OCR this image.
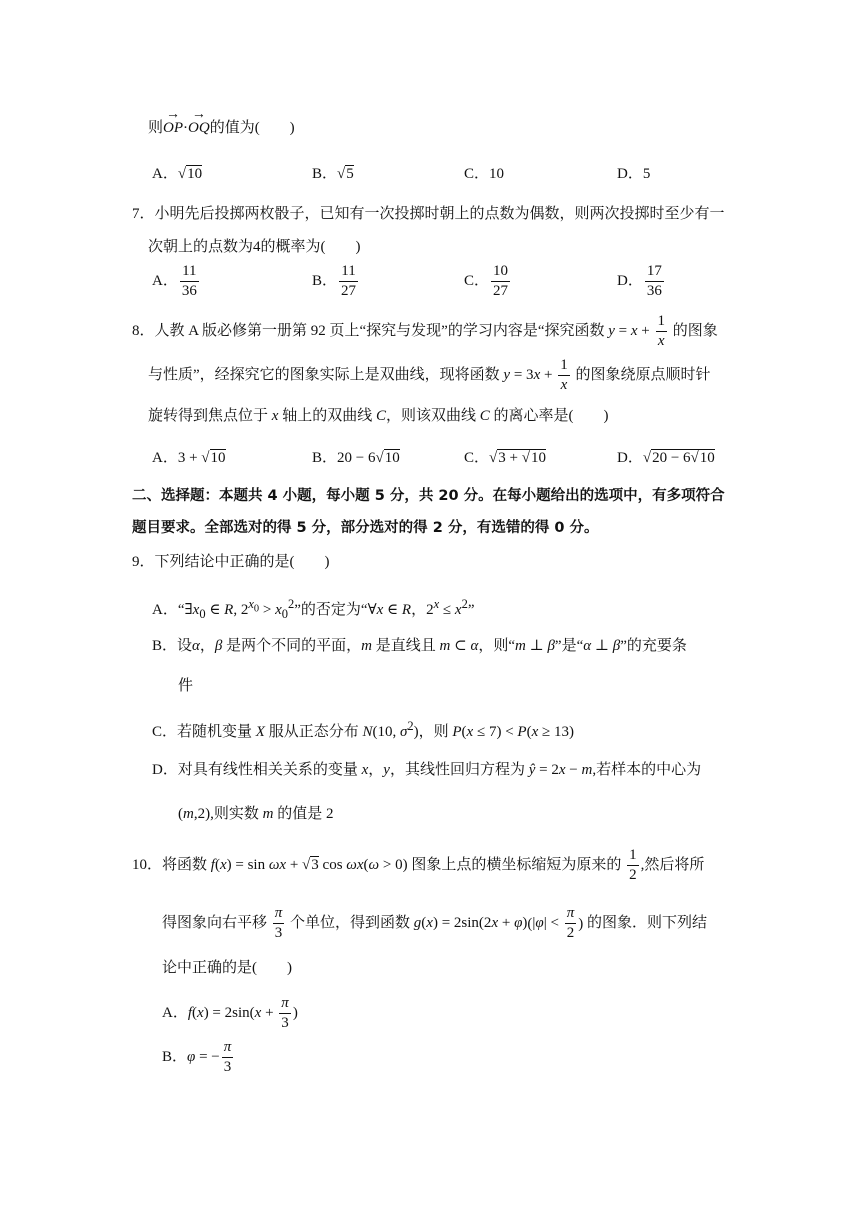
则→ OP·→ OQ的值为(　　)
A．√10	B．√5	C．10	D．5
7．小明先后投掷两枚骰子，已知有一次投掷时朝上的点数为偶数，则两次投掷时至少有一
次朝上的点数为4的概率为(　　)
A． $\frac{11}{36}$	B． $\frac{11}{27}$	C． $\frac{10}{27}$	D． $\frac{17}{36}$
8．人教 A 版必修第一册第 92 页上“探究与发现”的学习内容是“探究函数 $y = x + \frac{1}{x}$ 的图象
与性质”，经探究它的图象实际上是双曲线，现将函数 $y = 3x + \frac{1}{x}$ 的图象绕原点顺时针
旋转得到焦点位于 x 轴上的双曲线 C，则该双曲线 C 的离心率是(　　)
A．3 + √10	B．20 − 6√10	C．√3 + √10	D．√20 − 6√10
二、选择题：本题共 4 小题，每小题 5 分，共 20 分。在每小题给出的选项中，有多项符合
题目要求。全部选对的得 5 分，部分选对的得 2 分，有选错的得 0 分。
9．下列结论中正确的是(　　)
A．“$\exists x_0$ ∈ R, $2^{x_0} > x_0^2$”的否定为“∀x ∈ R，$2^x \le x^2$”
B．设α，β 是两个不同的平面，m 是直线且 m ⊂ α，则“m ⊥ β”是“α ⊥ β”的充要条
件
C．若随机变量 X 服从正态分布 N(10, $\sigma^2$)，则 P(x ≤ 7) < P(x ≥ 13)
D．对具有线性相关关系的变量 x，y，其线性回归方程为 ŷ = 2x − m,若样本的中心为
(m,2),则实数 m 的值是 2
10．将函数 f(x) = sin ωx + √3 cos ωx(ω > 0) 图象上点的横坐标缩短为原来的 $\frac{1}{2}$ ,然后将所
得图象向右平移 $\frac{\pi}{3}$ 个单位，得到函数 $g(x) = 2\sin(2x + \varphi)(|\varphi| < \frac{\pi}{2}$ ) 的图象．则下列结
论中正确的是(　　)
A．$f(x) = 2\sin(x + \frac{\pi}{3}$ )
B．φ = − $\frac{\pi}{3}$
